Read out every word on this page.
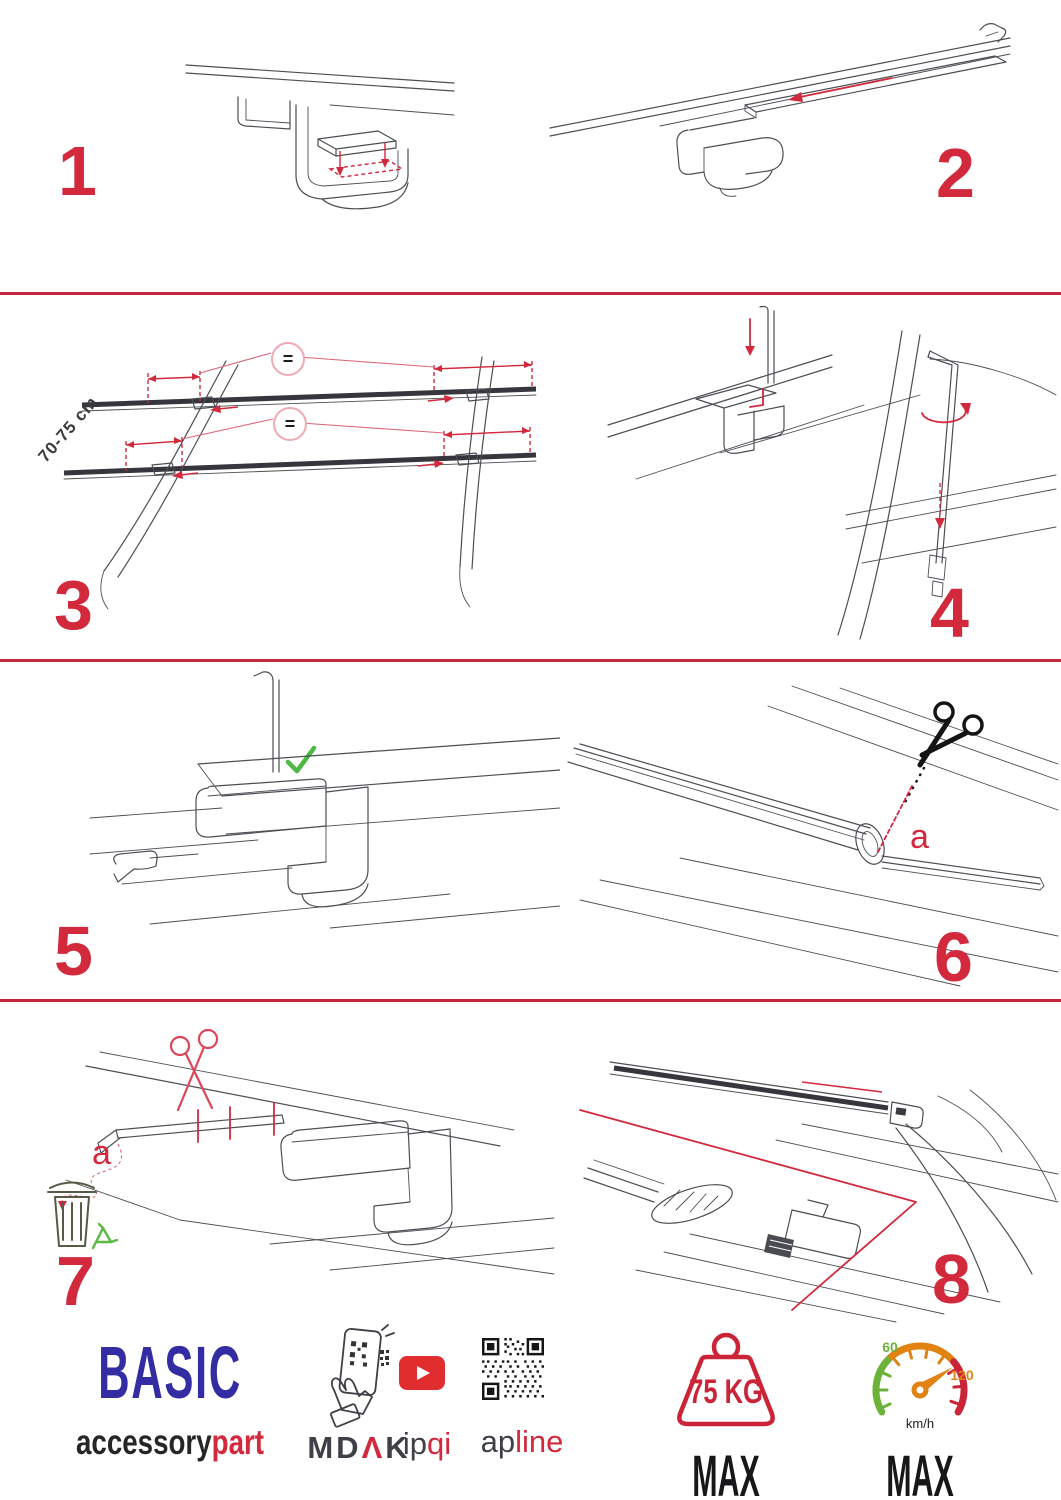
1	2
=
=
70-75 cm
3	4
5
a
6
a
7	8
BASIC
accessorypart	MDΛK
ipqi apline
75 KG
MAX
60
120
km/h
MAX
